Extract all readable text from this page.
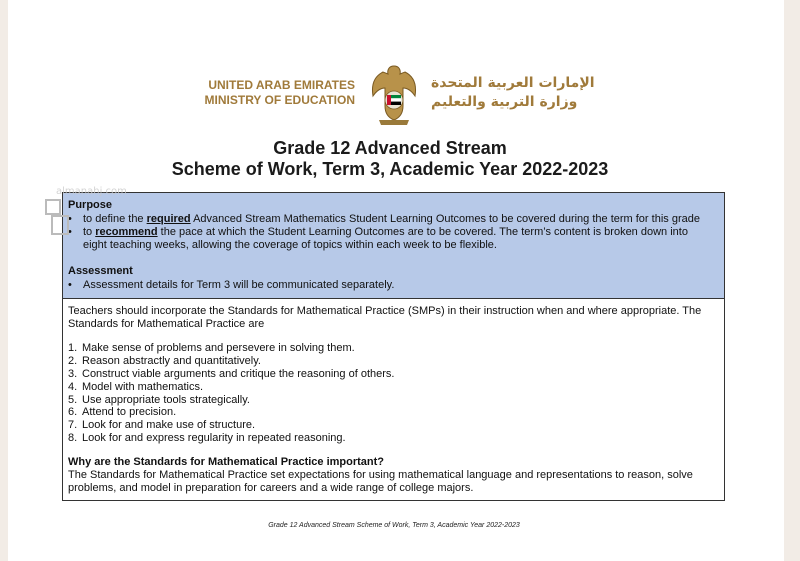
UNITED ARAB EMIRATES
MINISTRY OF EDUCATION
الإمارات العربية المتحدة
وزارة التربية والتعليم
Grade 12 Advanced Stream
Scheme of Work, Term 3, Academic Year 2022-2023
Purpose
• to define the required Advanced Stream Mathematics Student Learning Outcomes to be covered during the term for this grade
• to recommend the pace at which the Student Learning Outcomes are to be covered. The term’s content is broken down into
eight teaching weeks, allowing the coverage of topics within each week to be flexible.
Assessment
• Assessment details for Term 3 will be communicated separately.
Teachers should incorporate the Standards for Mathematical Practice (SMPs) in their instruction when and where appropriate. The Standards for Mathematical Practice are
1. Make sense of problems and persevere in solving them.
2. Reason abstractly and quantitatively.
3. Construct viable arguments and critique the reasoning of others.
4. Model with mathematics.
5. Use appropriate tools strategically.
6. Attend to precision.
7. Look for and make use of structure.
8. Look for and express regularity in repeated reasoning.
Why are the Standards for Mathematical Practice important?
The Standards for Mathematical Practice set expectations for using mathematical language and representations to reason, solve problems, and model in preparation for careers and a wide range of college majors.
almanahj.com
Grade 12 Advanced Stream Scheme of Work, Term 3, Academic Year 2022-2023
